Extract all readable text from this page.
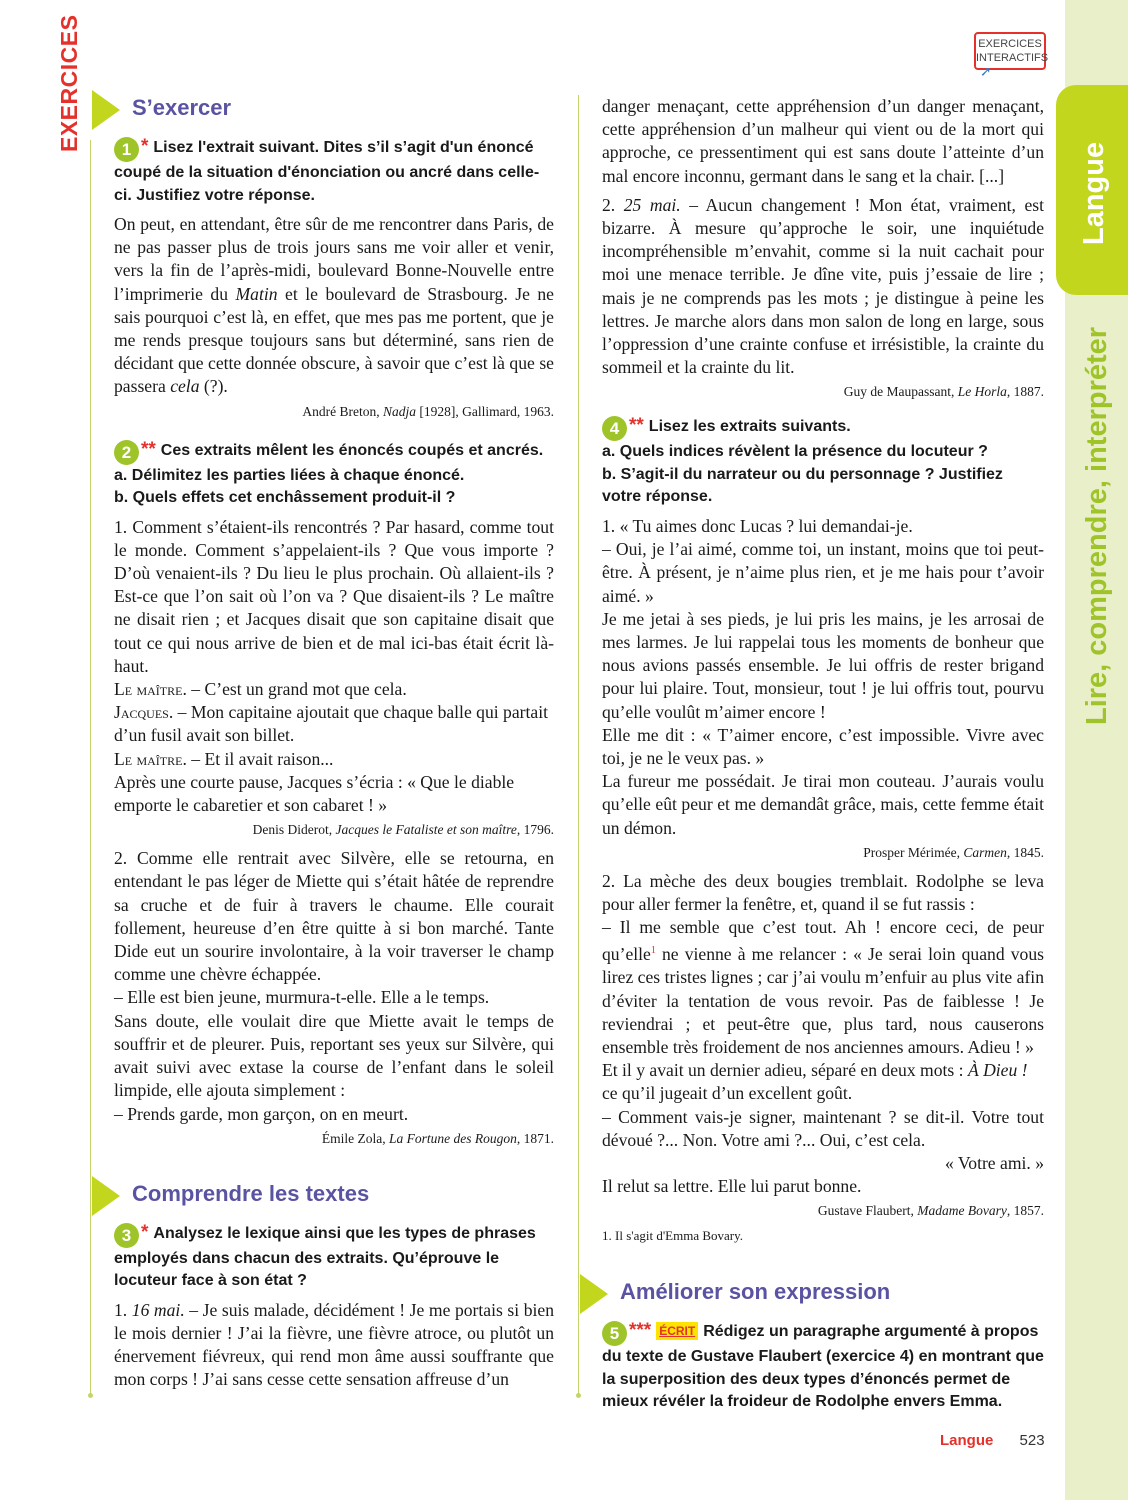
EXERCICES	EXERCICES
INTERACTIFS
➚
Langue
Lire, comprendre, interpréter
S’exercer

1 * Lisez l'extrait suivant. Dites s’il s’agit d'un énoncé coupé de la situation d'énonciation ou ancré dans celle-ci. Justifiez votre réponse.

On peut, en attendant, être sûr de me rencontrer dans Paris, de ne pas passer plus de trois jours sans me voir aller et venir, vers la fin de l’après-midi, boulevard Bonne-Nouvelle entre l’imprimerie du Matin et le boulevard de Strasbourg. Je ne sais pourquoi c’est là, en effet, que mes pas me portent, que je me rends presque toujours sans but déterminé, sans rien de décidant que cette donnée obscure, à savoir que c’est là que se passera cela (?).

André Breton, Nadja [1928], Gallimard, 1963.

2 ** Ces extraits mêlent les énoncés coupés et ancrés.

a. Délimitez les parties liées à chaque énoncé.

b. Quels effets cet enchâssement produit-il ?

1. Comment s’étaient-ils rencontrés ? Par hasard, comme tout le monde. Comment s’appelaient-ils ? Que vous importe ? D’où venaient-ils ? Du lieu le plus prochain. Où allaient-ils ? Est-ce que l’on sait où l’on va ? Que disaient-ils ? Le maître ne disait rien ; et Jacques disait que son capitaine disait que tout ce qui nous arrive de bien et de mal ici-bas était écrit là-haut.

Le maître. – C’est un grand mot que cela.

Jacques. – Mon capitaine ajoutait que chaque balle qui partait d’un fusil avait son billet.

Le maître. – Et il avait raison...

Après une courte pause, Jacques s’écria : « Que le diable emporte le cabaretier et son cabaret ! »

Denis Diderot, Jacques le Fataliste et son maître, 1796.

2. Comme elle rentrait avec Silvère, elle se retourna, en entendant le pas léger de Miette qui s’était hâtée de reprendre sa cruche et de fuir à travers le chaume. Elle courait follement, heureuse d’en être quitte à si bon marché. Tante Dide eut un sourire involontaire, à la voir traverser le champ comme une chèvre échappée.

– Elle est bien jeune, murmura-t-elle. Elle a le temps.

Sans doute, elle voulait dire que Miette avait le temps de souffrir et de pleurer. Puis, reportant ses yeux sur Silvère, qui avait suivi avec extase la course de l’enfant dans le soleil limpide, elle ajouta simplement :

– Prends garde, mon garçon, on en meurt.

Émile Zola, La Fortune des Rougon, 1871.

Comprendre les textes

3 * Analysez le lexique ainsi que les types de phrases employés dans chacun des extraits. Qu’éprouve le locuteur face à son état ?

1. 16 mai. – Je suis malade, décidément ! Je me portais si bien le mois dernier ! J’ai la fièvre, une fièvre atroce, ou plutôt un énervement fiévreux, qui rend mon âme aussi souffrante que mon corps ! J’ai sans cesse cette sensation affreuse d’un

danger menaçant, cette appréhension d’un danger menaçant, cette appréhension d’un malheur qui vient ou de la mort qui approche, ce pressentiment qui est sans doute l’atteinte d’un mal encore inconnu, germant dans le sang et la chair. [...]

2. 25 mai. – Aucun changement ! Mon état, vraiment, est bizarre. À mesure qu’approche le soir, une inquiétude incompréhensible m’envahit, comme si la nuit cachait pour moi une menace terrible. Je dîne vite, puis j’essaie de lire ; mais je ne comprends pas les mots ; je distingue à peine les lettres. Je marche alors dans mon salon de long en large, sous l’oppression d’une crainte confuse et irrésistible, la crainte du sommeil et la crainte du lit.

Guy de Maupassant, Le Horla, 1887.

4 ** Lisez les extraits suivants.

a. Quels indices révèlent la présence du locuteur ?

b. S’agit-il du narrateur ou du personnage ? Justifiez votre réponse.

1. « Tu aimes donc Lucas ? lui demandai-je.

– Oui, je l’ai aimé, comme toi, un instant, moins que toi peut-être. À présent, je n’aime plus rien, et je me hais pour t’avoir aimé. »

Je me jetai à ses pieds, je lui pris les mains, je les arrosai de mes larmes. Je lui rappelai tous les moments de bonheur que nous avions passés ensemble. Je lui offris de rester brigand pour lui plaire. Tout, monsieur, tout ! je lui offris tout, pourvu qu’elle voulût m’aimer encore !

Elle me dit : « T’aimer encore, c’est impossible. Vivre avec toi, je ne le veux pas. »

La fureur me possédait. Je tirai mon couteau. J’aurais voulu qu’elle eût peur et me demandât grâce, mais, cette femme était un démon.

Prosper Mérimée, Carmen, 1845.

2. La mèche des deux bougies tremblait. Rodolphe se leva pour aller fermer la fenêtre, et, quand il se fut rassis :

– Il me semble que c’est tout. Ah ! encore ceci, de peur qu’elle$^1$ ne vienne à me relancer : « Je serai loin quand vous lirez ces tristes lignes ; car j’ai voulu m’enfuir au plus vite afin d’éviter la tentation de vous revoir. Pas de faiblesse ! Je reviendrai ; et peut-être que, plus tard, nous causerons ensemble très froidement de nos anciennes amours. Adieu ! »

Et il y avait un dernier adieu, séparé en deux mots : À Dieu ! ce qu’il jugeait d’un excellent goût.

– Comment vais-je signer, maintenant ? se dit-il. Votre tout dévoué ?... Non. Votre ami ?... Oui, c’est cela.

« Votre ami. »

Il relut sa lettre. Elle lui parut bonne.

Gustave Flaubert, Madame Bovary, 1857.

1. Il s'agit d'Emma Bovary.

Améliorer son expression

5 *** ÉCRIT Rédigez un paragraphe argumenté à propos du texte de Gustave Flaubert (exercice 4) en montrant que la superposition des deux types d’énoncés permet de mieux révéler la froideur de Rodolphe envers Emma.

Langue 523
